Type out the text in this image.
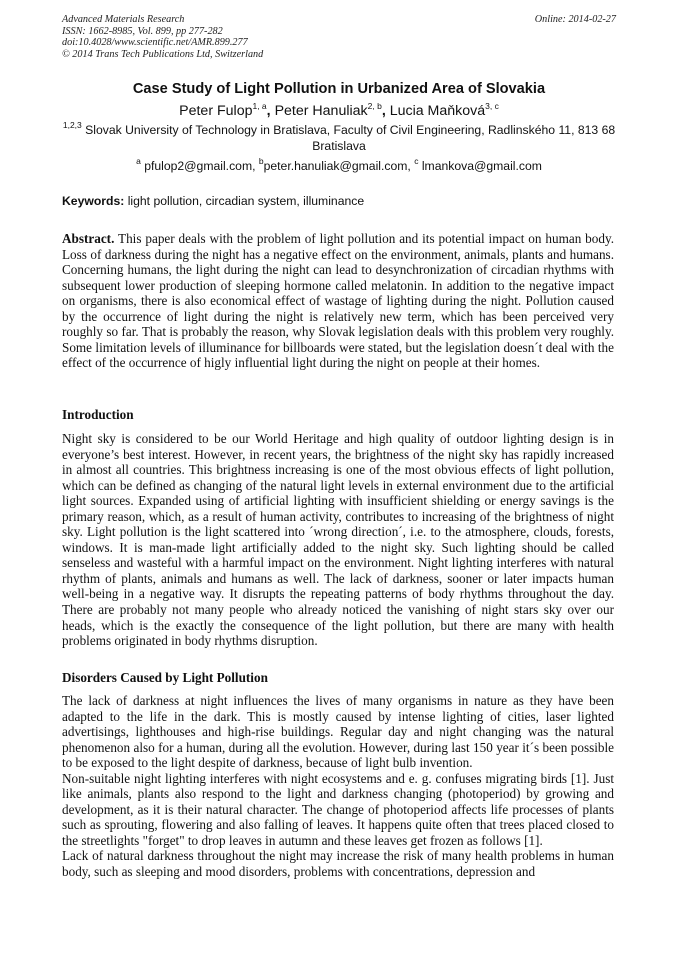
Advanced Materials Research
ISSN: 1662-8985, Vol. 899, pp 277-282
doi:10.4028/www.scientific.net/AMR.899.277
© 2014 Trans Tech Publications Ltd, Switzerland
Online: 2014-02-27
Case Study of Light Pollution in Urbanized Area of Slovakia
Peter Fulop$^{1, a}$, Peter Hanuliak$^{2, b}$, Lucia Maňková$^{3, c}$
$^{1,2,3}$ Slovak University of Technology in Bratislava, Faculty of Civil Engineering, Radlinského 11, 813 68 Bratislava
$^a$ pfulop2@gmail.com, $^b$peter.hanuliak@gmail.com, $^c$ lmankova@gmail.com
Keywords: light pollution, circadian system, illuminance

Abstract. This paper deals with the problem of light pollution and its potential impact on human body. Loss of darkness during the night has a negative effect on the environment, animals, plants and humans. Concerning humans, the light during the night can lead to desynchronization of circadian rhythms with subsequent lower production of sleeping hormone called melatonin. In addition to the negative impact on organisms, there is also economical effect of wastage of lighting during the night. Pollution caused by the occurrence of light during the night is relatively new term, which has been perceived very roughly so far. That is probably the reason, why Slovak legislation deals with this problem very roughly. Some limitation levels of illuminance for billboards were stated, but the legislation doesn´t deal with the effect of the occurrence of higly influential light during the night on people at their homes.

Introduction

Night sky is considered to be our World Heritage and high quality of outdoor lighting design is in everyone’s best interest. However, in recent years, the brightness of the night sky has rapidly increased in almost all countries. This brightness increasing is one of the most obvious effects of light pollution, which can be defined as changing of the natural light levels in external environment due to the artificial light sources. Expanded using of artificial lighting with insufficient shielding or energy savings is the primary reason, which, as a result of human activity, contributes to increasing of the brightness of night sky. Light pollution is the light scattered into ´wrong direction´, i.e. to the atmosphere, clouds, forests, windows. It is man-made light artificially added to the night sky. Such lighting should be called senseless and wasteful with a harmful impact on the environment. Night lighting interferes with natural rhythm of plants, animals and humans as well. The lack of darkness, sooner or later impacts human well-being in a negative way. It disrupts the repeating patterns of body rhythms throughout the day. There are probably not many people who already noticed the vanishing of night stars sky over our heads, which is the exactly the consequence of the light pollution, but there are many with health problems originated in body rhythms disruption.

Disorders Caused by Light Pollution

The lack of darkness at night influences the lives of many organisms in nature as they have been adapted to the life in the dark. This is mostly caused by intense lighting of cities, laser lighted advertisings, lighthouses and high-rise buildings. Regular day and night changing was the natural phenomenon also for a human, during all the evolution. However, during last 150 year it´s been possible to be exposed to the light despite of darkness, because of light bulb invention.

Non-suitable night lighting interferes with night ecosystems and e. g. confuses migrating birds [1]. Just like animals, plants also respond to the light and darkness changing (photoperiod) by growing and development, as it is their natural character. The change of photoperiod affects life processes of plants such as sprouting, flowering and also falling of leaves. It happens quite often that trees placed closed to the streetlights "forget" to drop leaves in autumn and these leaves get frozen as follows [1].

Lack of natural darkness throughout the night may increase the risk of many health problems in human body, such as sleeping and mood disorders, problems with concentrations, depression and
